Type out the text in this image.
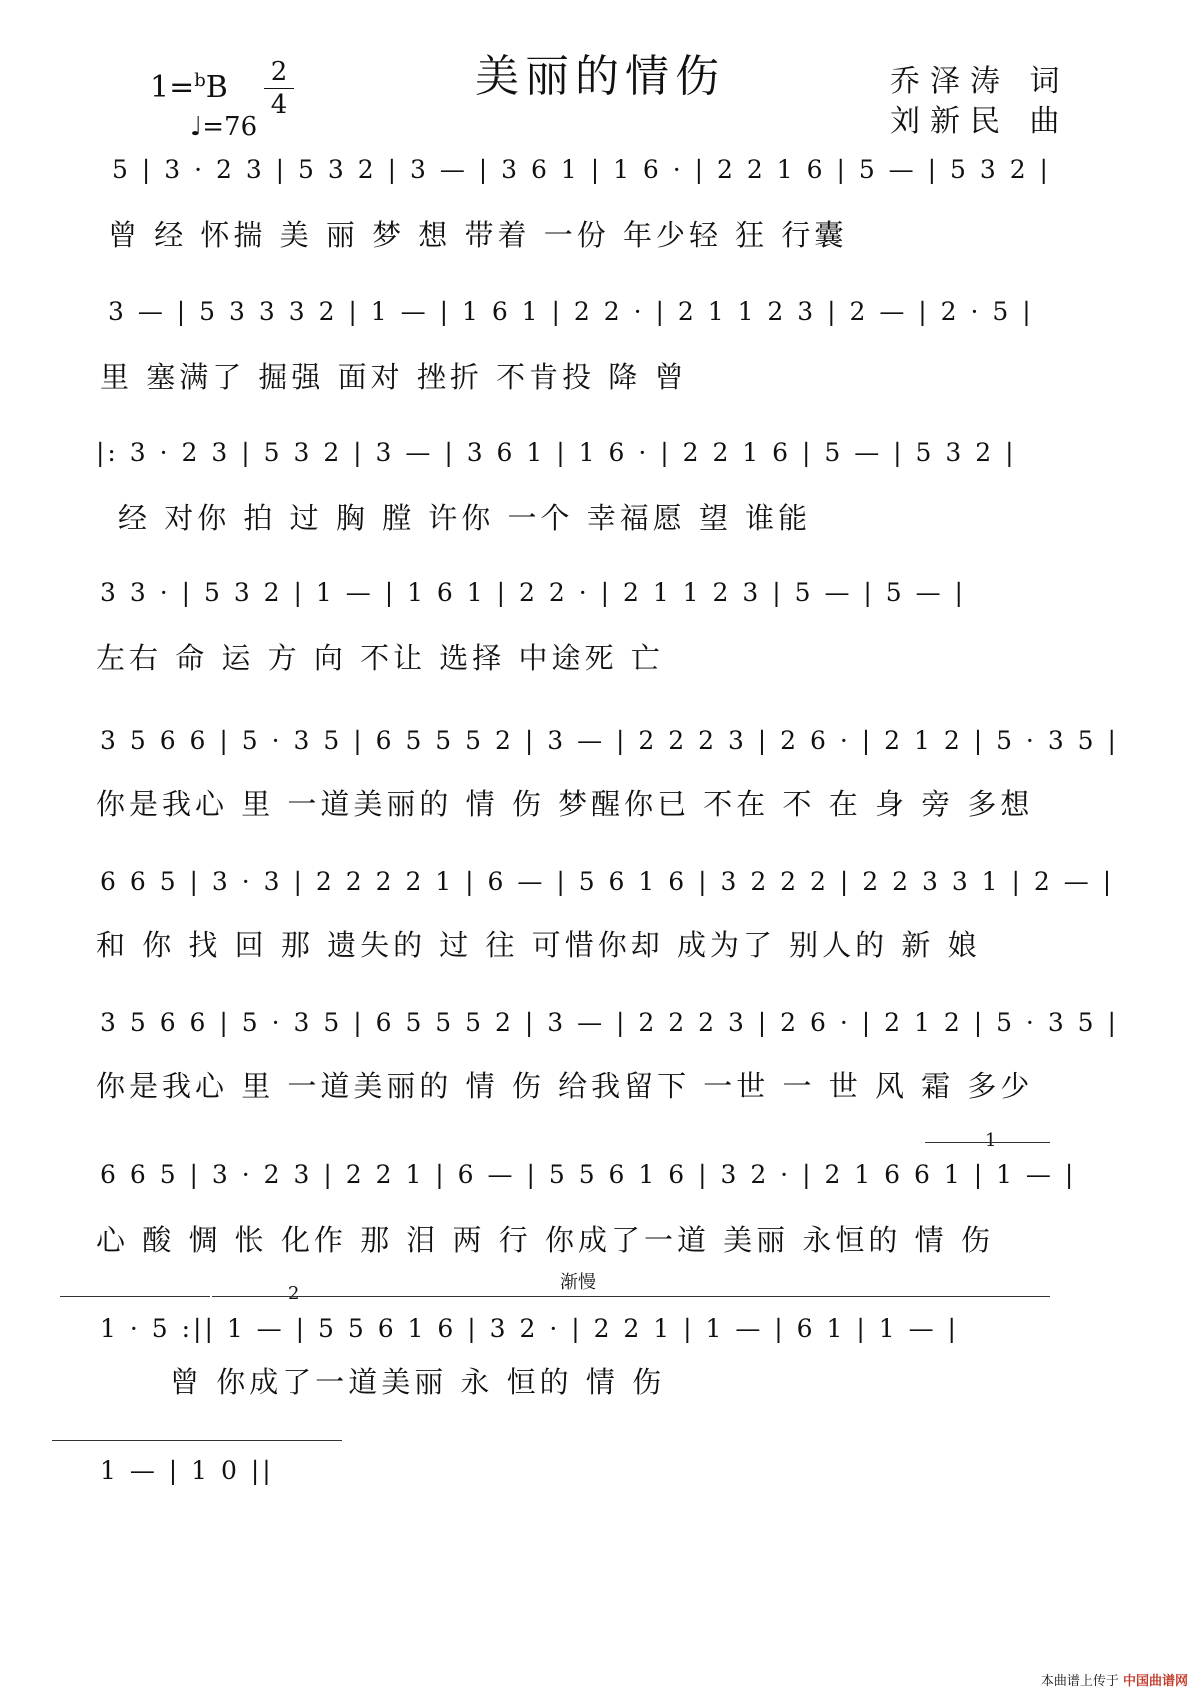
美丽的情伤
1=$^b$B	2
4
♩=76
乔泽涛 词
刘新民 曲
5 | 3 · 2 3 | 5 3 2 | 3 — | 3 6 1 | 1 6 · | 2 2 1 6 | 5 — | 5 3 2 |
曾 经 怀揣 美 丽 梦 想 带着 一份 年少轻 狂 行囊
3 — | 5 3 3 3 2 | 1 — | 1 6 1 | 2 2 · | 2 1 1 2 3 | 2 — | 2 · 5 |
里 塞满了 掘强 面对 挫折 不肯投 降 曾
|: 3 · 2 3 | 5 3 2 | 3 — | 3 6 1 | 1 6 · | 2 2 1 6 | 5 — | 5 3 2 |
经 对你 拍 过 胸 膛 许你 一个 幸福愿 望 谁能
3 3 · | 5 3 2 | 1 — | 1 6 1 | 2 2 · | 2 1 1 2 3 | 5 — | 5 — |
左右 命 运 方 向 不让 选择 中途死 亡
3 5 6 6 | 5 · 3 5 | 6 5 5 5 2 | 3 — | 2 2 2 3 | 2 6 · | 2 1 2 | 5 · 3 5 |
你是我心 里 一道美丽的 情 伤 梦醒你已 不在 不 在 身 旁 多想
6 6 5 | 3 · 3 | 2 2 2 2 1 | 6 — | 5 6 1 6 | 3 2 2 2 | 2 2 3 3 1 | 2 — |
和 你 找 回 那 遗失的 过 往 可惜你却 成为了 别人的 新 娘
3 5 6 6 | 5 · 3 5 | 6 5 5 5 2 | 3 — | 2 2 2 3 | 2 6 · | 2 1 2 | 5 · 3 5 |
你是我心 里 一道美丽的 情 伤 给我留下 一世 一 世 风 霜 多少
1
6 6 5 | 3 · 2 3 | 2 2 1 | 6 — | 5 5 6 1 6 | 3 2 · | 2 1 6 6 1 | 1 — |
心 酸 惆 怅 化作 那 泪 两 行 你成了一道 美丽 永恒的 情 伤
渐慢
2
1 · 5 :|| 1 — | 5 5 6 1 6 | 3 2 · | 2 2 1 | 1 — | 6 1 | 1 — |
曾 你成了一道美丽 永 恒的 情 伤
1 — | 1 0 ||
本曲谱上传于 中国曲谱网
